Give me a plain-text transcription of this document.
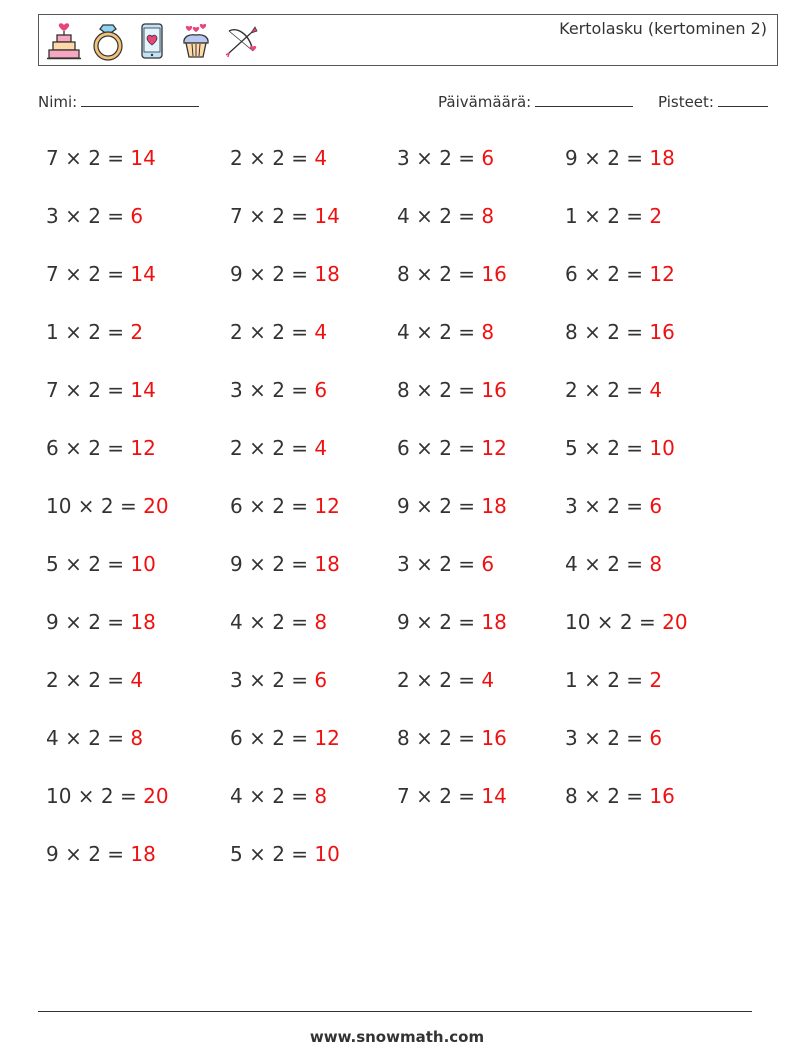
Kertolasku (kertominen 2)
Nimi:	Päivämäärä:	Pisteet:
7 × 2 = 14	2 × 2 = 4	3 × 2 = 6	9 × 2 = 18
3 × 2 = 6	7 × 2 = 14	4 × 2 = 8	1 × 2 = 2
7 × 2 = 14	9 × 2 = 18	8 × 2 = 16	6 × 2 = 12
1 × 2 = 2	2 × 2 = 4	4 × 2 = 8	8 × 2 = 16
7 × 2 = 14	3 × 2 = 6	8 × 2 = 16	2 × 2 = 4
6 × 2 = 12	2 × 2 = 4	6 × 2 = 12	5 × 2 = 10
10 × 2 = 20	6 × 2 = 12	9 × 2 = 18	3 × 2 = 6
5 × 2 = 10	9 × 2 = 18	3 × 2 = 6	4 × 2 = 8
9 × 2 = 18	4 × 2 = 8	9 × 2 = 18	10 × 2 = 20
2 × 2 = 4	3 × 2 = 6	2 × 2 = 4	1 × 2 = 2
4 × 2 = 8	6 × 2 = 12	8 × 2 = 16	3 × 2 = 6
10 × 2 = 20	4 × 2 = 8	7 × 2 = 14	8 × 2 = 16
9 × 2 = 18	5 × 2 = 10
www.snowmath.com
